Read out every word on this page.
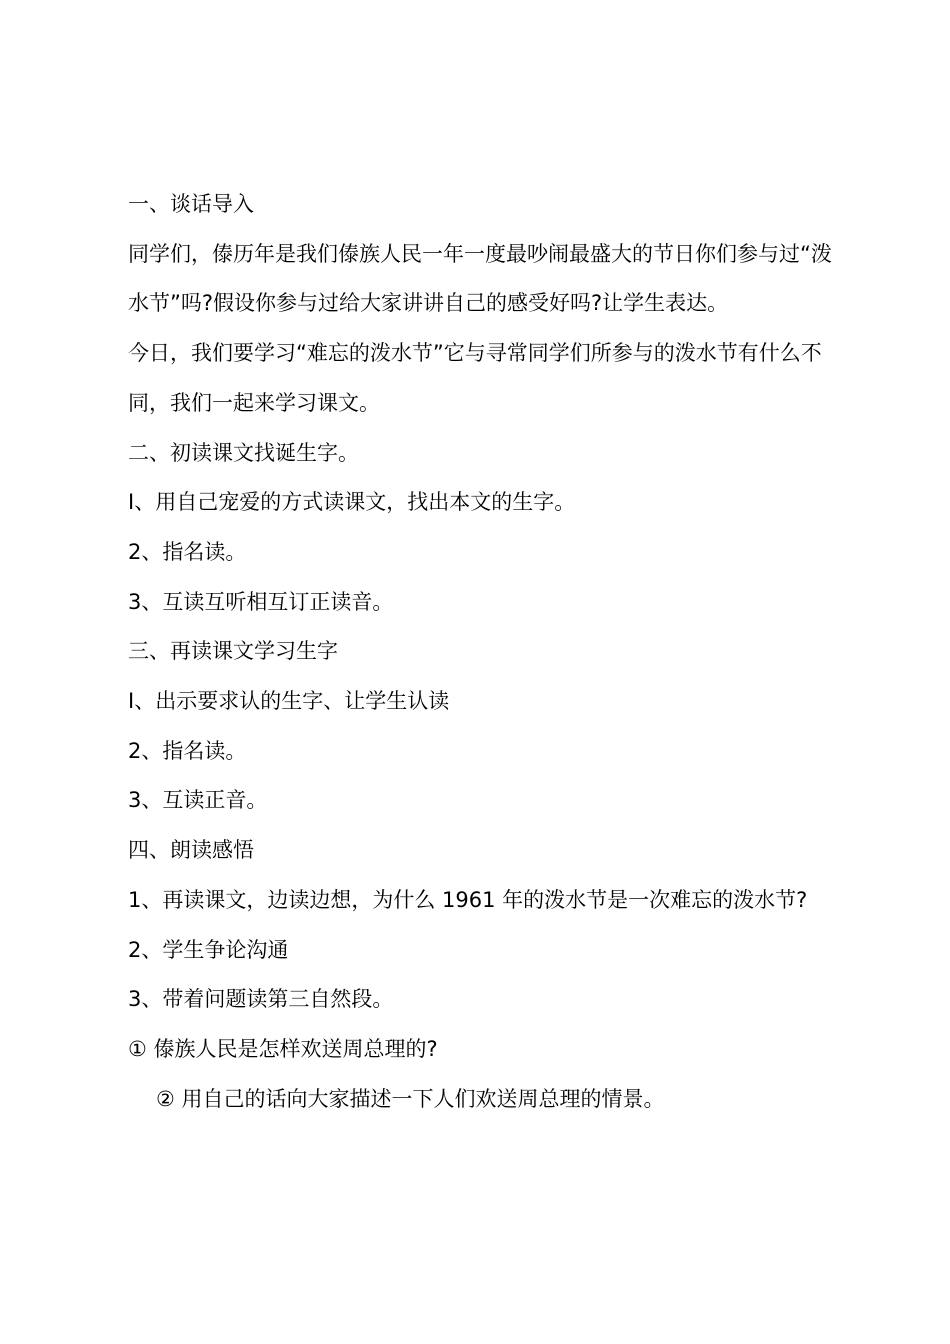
一、谈话导入

同学们，傣历年是我们傣族人民一年一度最吵闹最盛大的节日你们参与过“泼水节”吗?假设你参与过给大家讲讲自己的感受好吗?让学生表达。

今日，我们要学习“难忘的泼水节”它与寻常同学们所参与的泼水节有什么不同，我们一起来学习课文。

二、初读课文找诞生字。

I、用自己宠爱的方式读课文，找出本文的生字。

2、指名读。

3、互读互听相互订正读音。

三、再读课文学习生字

I、出示要求认的生字、让学生认读

2、指名读。

3、互读正音。

四、朗读感悟

1、再读课文，边读边想，为什么 1961 年的泼水节是一次难忘的泼水节?

2、学生争论沟通

3、带着问题读第三自然段。

① 傣族人民是怎样欢送周总理的?

② 用自己的话向大家描述一下人们欢送周总理的情景。
